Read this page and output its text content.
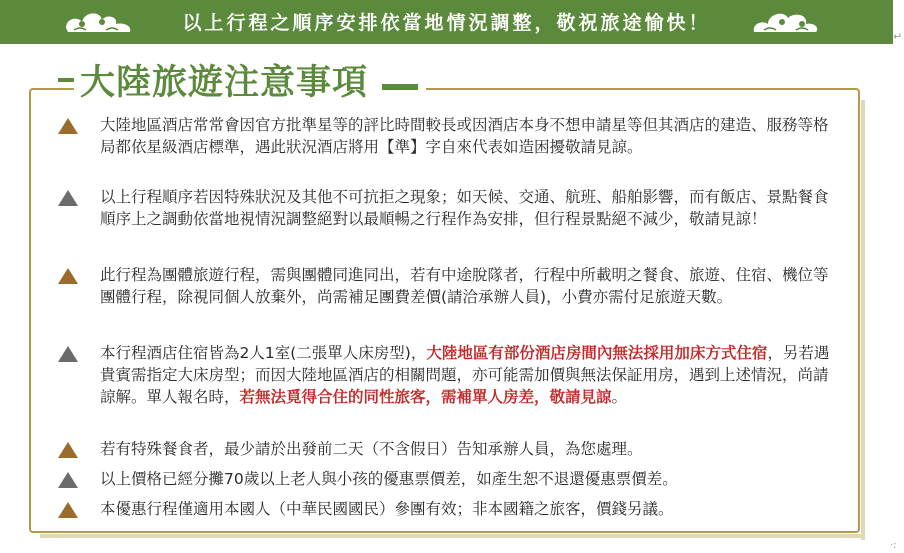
以上行程之順序安排依當地情況調整，敬祝旅途愉快！
↵
大陸旅遊注意事項
大陸地區酒店常常會因官方批準星等的評比時間較長或因酒店本身不想申請星等但其酒店的建造、服務等格局都依星級酒店標準，遇此狀況酒店將用【準】字自來代表如造困擾敬請見諒。
以上行程順序若因特殊狀況及其他不可抗拒之現象；如天候、交通、航班、船舶影響，而有飯店、景點餐食順序上之調動依當地視情況調整絕對以最順暢之行程作為安排，但行程景點絕不減少，敬請見諒！
此行程為團體旅遊行程，需與團體同進同出，若有中途脫隊者，行程中所載明之餐食、旅遊、住宿、機位等團體行程，除視同個人放棄外，尚需補足團費差價(請洽承辦人員)，小費亦需付足旅遊天數。
本行程酒店住宿皆為2人1室(二張單人床房型)，大陸地區有部份酒店房間內無法採用加床方式住宿，另若遇貴賓需指定大床房型；而因大陸地區酒店的相關問題，亦可能需加價與無法保証用房，遇到上述情況，尚請諒解。單人報名時，若無法覓得合住的同性旅客，需補單人房差，敬請見諒。
若有特殊餐食者，最少請於出發前二天（不含假日）告知承辦人員，為您處理。
以上價格已經分攤70歲以上老人與小孩的優惠票價差，如產生恕不退還優惠票價差。
本優惠行程僅適用本國人（中華民國國民）參團有效；非本國籍之旅客，價錢另議。
·:
